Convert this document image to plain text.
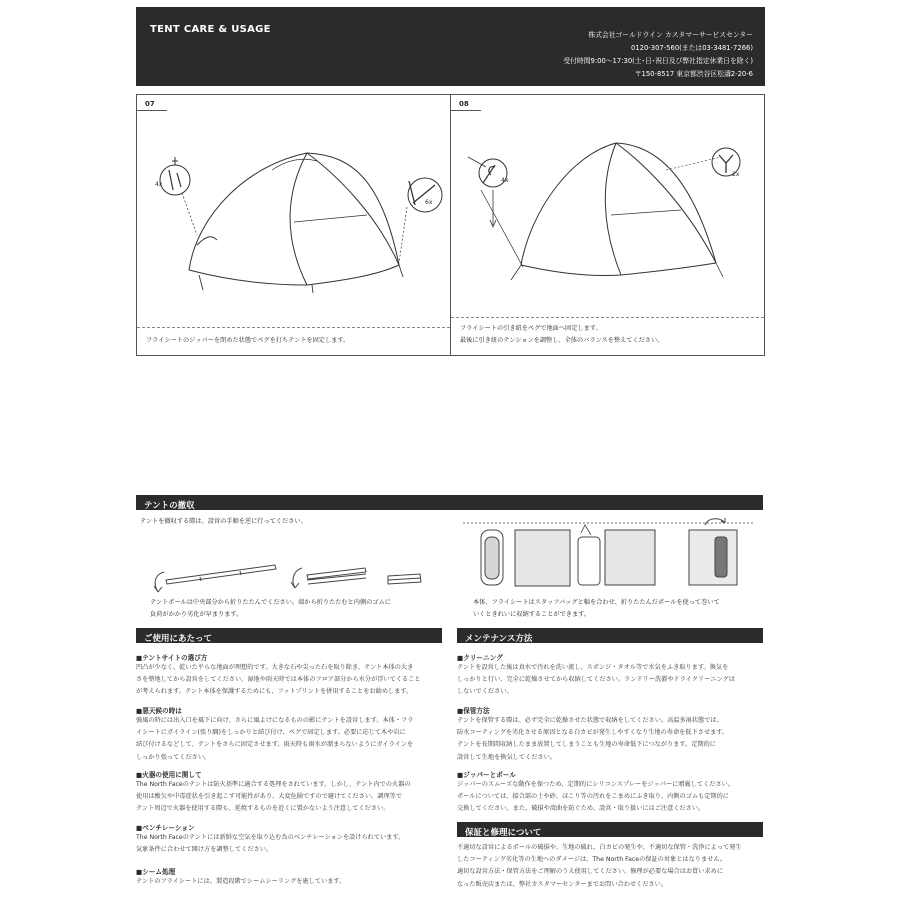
TENT CARE & USAGE	株式会社ゴールドウイン カスタマーサービスセンター
0120-307-560(または03-3481-7266)
受付時間9:00～17:30(土･日･祝日及び弊社指定休業日を除く)
〒150-8517 東京都渋谷区松濤2-20-6
07
4x
6x
フライシートのジッパーを閉めた状態でペグを打ちテントを固定します。
08
4x
2x
フライシートの引き紐をペグで地面へ固定します。
最後に引き紐のテンションを調整し、全体のバランスを整えてください。
テントの撤収
テントを撤収する際は、設営の手順を逆に行ってください。
テントポールは中央部分から折りたたんでください。端から折りたたむと内側のゴムに
負荷がかかり劣化が早まります。
本体、フライシートはスタッフバッグと幅を合わせ、折りたたんだポールを使って巻いて
いくときれいに収納することができます。
ご使用にあたって
■テントサイトの選び方
凹凸が少なく、乾いた平らな地面が理想的です。大きな石や尖った石を取り除き、テント本体の大き
さを整地してから設営をしてください。湿地や雨天時では本体のフロア部分から水分が浮いてくること
が考えられます。テント本体を保護するためにも、フットプリントを併用することをお勧めします。
■悪天候の時は
強風の時には出入口を風下に向け、さらに風よけになるものの影にテントを設営します。本体・フラ
イシートにガイライン(張り綱)をしっかりと結び付け、ペグで固定します。必要に応じて木や岩に
結び付けるなどして、テントをさらに固定させます。雨天時も雨水が溜まらないようにガイラインを
しっかり張ってください。
■火器の使用に関して
The North Faceのテントは防火基準に適合する処理をされています。しかし、テント内での火器の
使用は酸欠や中毒症状を引き起こす可能性があり、大変危険ですので避けてください。調理等で
テント周辺で火器を使用する際も、延焼するものを近くに置かないよう注意してください。
■ベンチレーション
The North Faceのテントには新鮮な空気を取り込む為のベンチレーションを設けられています。
気象条件に合わせて開け方を調整してください。
■シーム処理
テントのフライシートには、製造段階でシームシーリングを施しています。
メンテナンス方法
■クリーニング
テントを設営した後は真水で汚れを洗い流し、スポンジ・タオル等で水気をふき取ります。換気を
しっかりと行い、完全に乾燥させてから収納してください。ランドリー洗濯やドライクリーニングは
しないでください。
■保管方法
テントを保管する際は、必ず完全に乾燥させた状態で収納をしてください。高温多湿状態では、
防水コーティングを劣化させる原因となる白カビが発生しやすくなり生地の寿命を低下させます。
テントを長期間収納したまま放置してしまうことも生地の寿命低下につながります。定期的に
設営して生地を換気してください。
■ジッパーとポール
ジッパーのスムーズな動作を保つため、定期的にシリコンスプレーをジッパーに噴霧してください。
ポールについては、接合部の土や砂、ほこり等の汚れをこまめにふき取り、内側のゴムも定期的に
交換してください。また、破損や湾曲を防ぐため、設営・取り扱いにはご注意ください。
保証と修理について
不適切な設営によるポールの破損や、生地の破れ、白カビの発生や、不適切な保管・洗浄によって発生
したコーティング劣化等の生地へのダメージは、The North Faceの保証の対象とはなりません。
適切な設営方法・保管方法をご理解のうえ使用してください。修理が必要な場合はお買い求めに
なった販売店または、弊社カスタマーセンターまでお問い合わせください。
